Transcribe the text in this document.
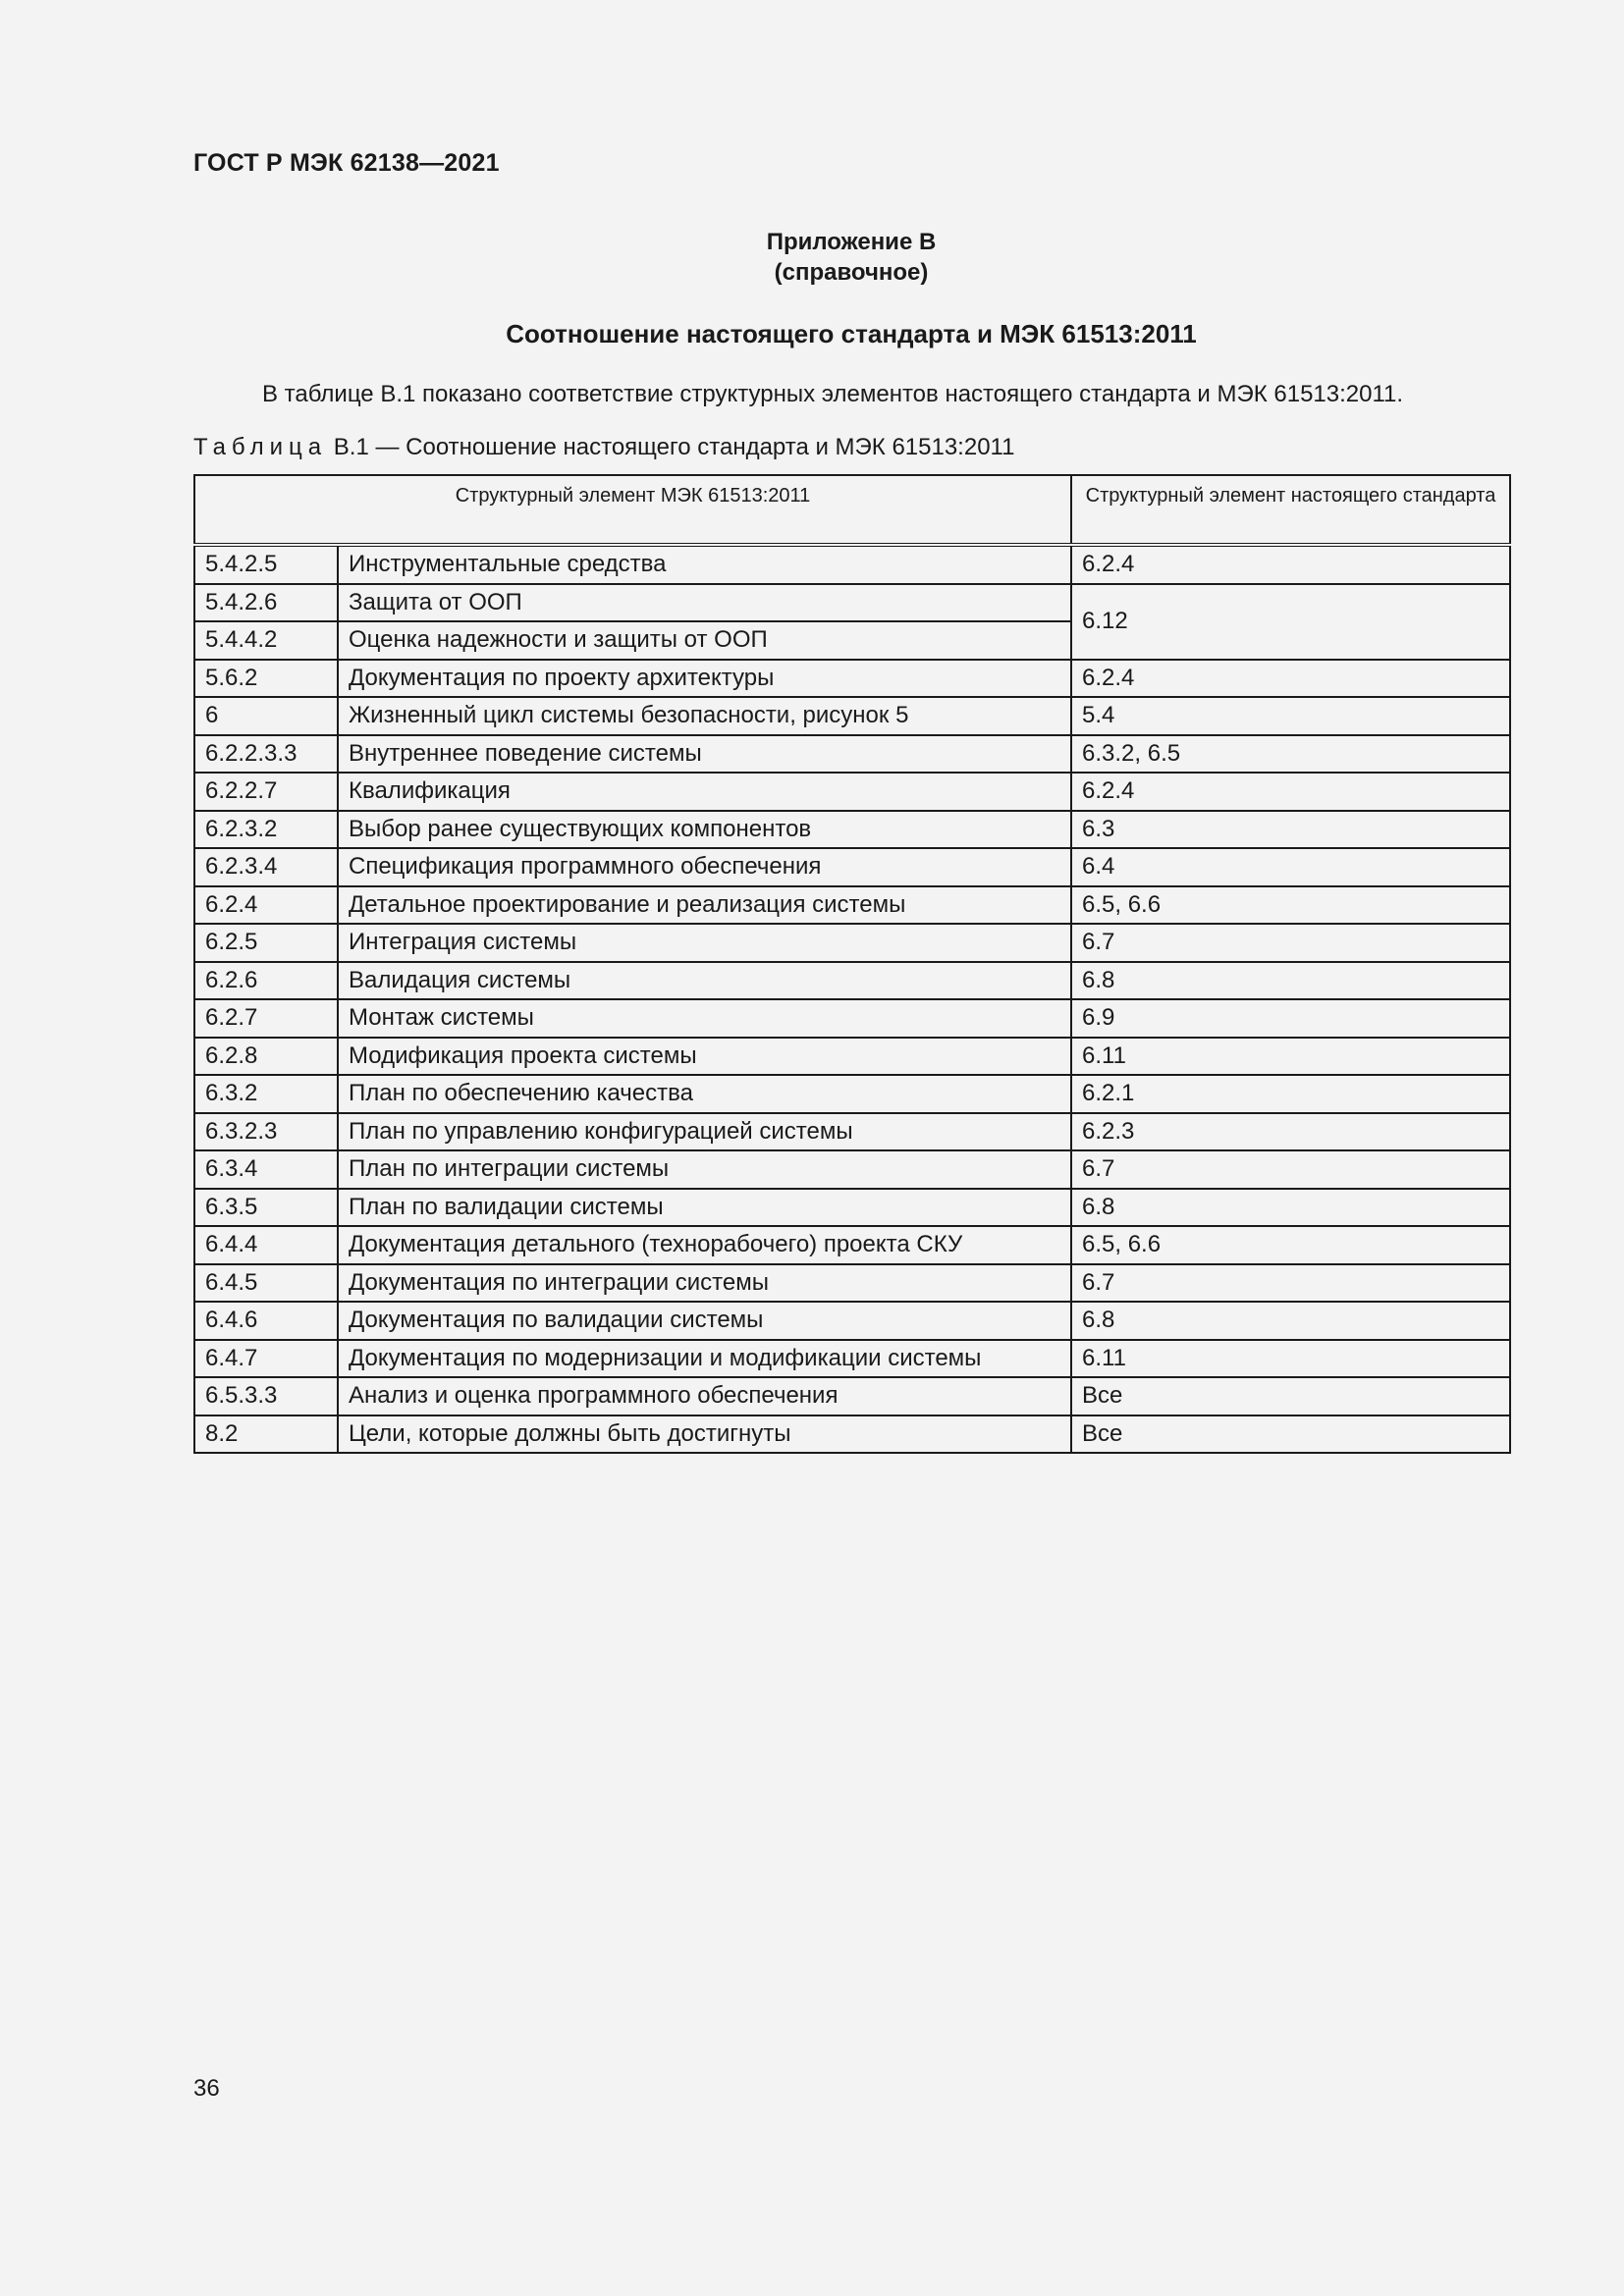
ГОСТ Р МЭК 62138—2021
Приложение В
(справочное)
Соотношение настоящего стандарта и МЭК 61513:2011
В таблице В.1 показано соответствие структурных элементов настоящего стандарта и МЭК 61513:2011.
Таблица В.1 — Соотношение настоящего стандарта и МЭК 61513:2011
Структурный элемент МЭК 61513:2011		Структурный элемент настоящего стандарта
5.4.2.5	Инструментальные средства	6.2.4
5.4.2.6	Защита от ООП	6.12
5.4.4.2	Оценка надежности и защиты от ООП	
5.6.2	Документация по проекту архитектуры	6.2.4
6	Жизненный цикл системы безопасности, рисунок 5	5.4
6.2.2.3.3	Внутреннее поведение системы	6.3.2, 6.5
6.2.2.7	Квалификация	6.2.4
6.2.3.2	Выбор ранее существующих компонентов	6.3
6.2.3.4	Спецификация программного обеспечения	6.4
6.2.4	Детальное проектирование и реализация системы	6.5, 6.6
6.2.5	Интеграция системы	6.7
6.2.6	Валидация системы	6.8
6.2.7	Монтаж системы	6.9
6.2.8	Модификация проекта системы	6.11
6.3.2	План по обеспечению качества	6.2.1
6.3.2.3	План по управлению конфигурацией системы	6.2.3
6.3.4	План по интеграции системы	6.7
6.3.5	План по валидации системы	6.8
6.4.4	Документация детального (технорабочего) проекта СКУ	6.5, 6.6
6.4.5	Документация по интеграции системы	6.7
6.4.6	Документация по валидации системы	6.8
6.4.7	Документация по модернизации и модификации системы	6.11
6.5.3.3	Анализ и оценка программного обеспечения	Все
8.2	Цели, которые должны быть достигнуты	Все
36
